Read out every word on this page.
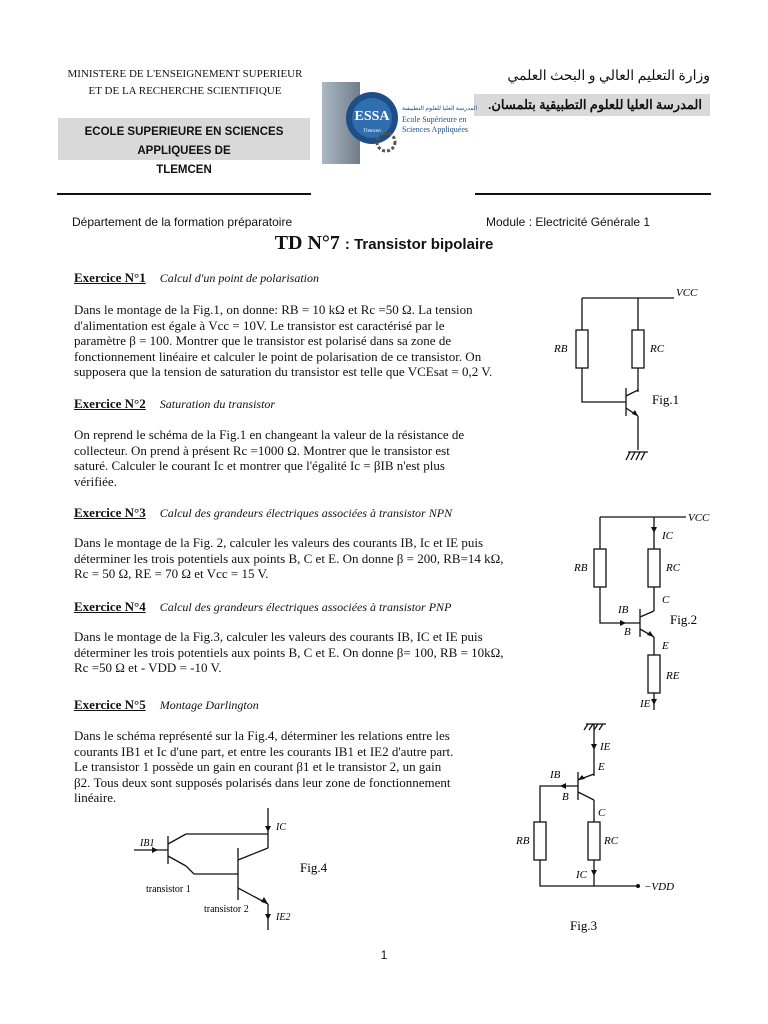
MINISTERE DE L'ENSEIGNEMENT SUPERIEUR
ET DE LA RECHERCHE SCIENTIFIQUE
ECOLE SUPERIEURE EN SCIENCES APPLIQUEES DE
TLEMCEN
وزارة التعليم العالي و البحث العلمي
المدرسة العليا للعلوم التطبيقية بتلمسان.
ESSA
Tlemcen
المدرسة العليا للعلوم التطبيقية
Ecole Supérieure en
Sciences Appliquées
Département de la formation préparatoire	Module : Electricité Générale 1
TD N°7 : Transistor bipolaire
Exercice N°1 Calcul d'un point de polarisation
Dans le montage de la Fig.1, on donne: RB = 10 kΩ et Rc =50 Ω. La tension
d'alimentation est égale à Vcc = 10V. Le transistor est caractérisé par le
paramètre β = 100. Montrer que le transistor est polarisé dans sa zone de
fonctionnement linéaire et calculer le point de polarisation de ce transistor. On
supposera que la tension de saturation du transistor est telle que VCEsat = 0,2 V.
Exercice N°2 Saturation du transistor
On reprend le schéma de la Fig.1 en changeant la valeur de la résistance de
collecteur. On prend à présent Rc =1000 Ω. Montrer que le transistor est
saturé. Calculer le courant Ic et montrer que l'égalité Ic = βIB n'est plus
vérifiée.
Exercice N°3 Calcul des grandeurs électriques associées à transistor NPN
Dans le montage de la Fig. 2, calculer les valeurs des courants IB, Ic et IE puis
déterminer les trois potentiels aux points B, C et E. On donne β = 200, RB=14 kΩ,
Rc = 50 Ω, RE = 70 Ω et Vcc = 15 V.
Exercice N°4 Calcul des grandeurs électriques associées à transistor PNP
Dans le montage de la Fig.3, calculer les valeurs des courants IB, IC et IE puis
déterminer les trois potentiels aux points B, C et E. On donne β= 100, RB = 10kΩ,
Rc =50 Ω et - VDD = -10 V.
Exercice N°5 Montage Darlington
Dans le schéma représenté sur la Fig.4, déterminer les relations entre les
courants IB1 et Ic d'une part, et entre les courants IB1 et IE2 d'autre part.
Le transistor 1 possède un gain en courant β1 et le transistor 2, un gain
β2. Tous deux sont supposés polarisés dans leur zone de fonctionnement
linéaire.
VCC
RB	RC
Fig.1
VCC
RB	RC
IC
IB
B
C
E
RE
IE
Fig.2
−VDD
IE
E
IB
B
C
RB	RC
IC
Fig.3
IB1
IC
IE2
transistor 1
transistor 2
Fig.4
1
